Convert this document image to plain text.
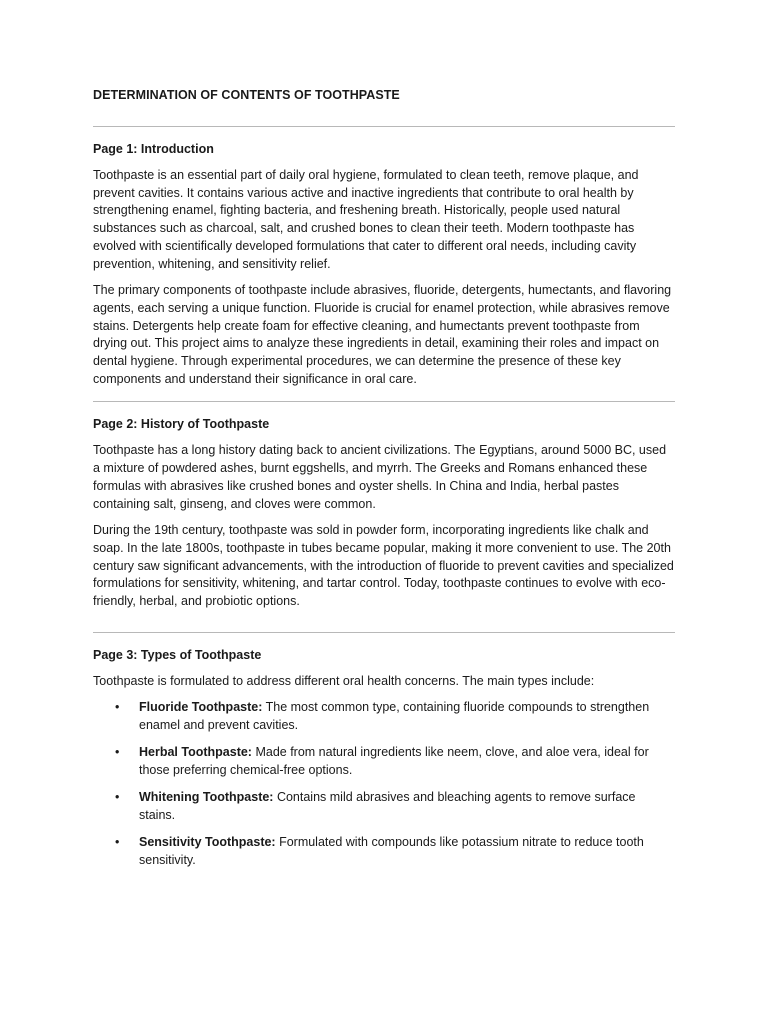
DETERMINATION OF CONTENTS OF TOOTHPASTE
Page 1: Introduction

Toothpaste is an essential part of daily oral hygiene, formulated to clean teeth, remove plaque, and prevent cavities. It contains various active and inactive ingredients that contribute to oral health by strengthening enamel, fighting bacteria, and freshening breath. Historically, people used natural substances such as charcoal, salt, and crushed bones to clean their teeth. Modern toothpaste has evolved with scientifically developed formulations that cater to different oral needs, including cavity prevention, whitening, and sensitivity relief.

The primary components of toothpaste include abrasives, fluoride, detergents, humectants, and flavoring agents, each serving a unique function. Fluoride is crucial for enamel protection, while abrasives remove stains. Detergents help create foam for effective cleaning, and humectants prevent toothpaste from drying out. This project aims to analyze these ingredients in detail, examining their roles and impact on dental hygiene. Through experimental procedures, we can determine the presence of these key components and understand their significance in oral care.

Page 2: History of Toothpaste

Toothpaste has a long history dating back to ancient civilizations. The Egyptians, around 5000 BC, used a mixture of powdered ashes, burnt eggshells, and myrrh. The Greeks and Romans enhanced these formulas with abrasives like crushed bones and oyster shells. In China and India, herbal pastes containing salt, ginseng, and cloves were common.

During the 19th century, toothpaste was sold in powder form, incorporating ingredients like chalk and soap. In the late 1800s, toothpaste in tubes became popular, making it more convenient to use. The 20th century saw significant advancements, with the introduction of fluoride to prevent cavities and specialized formulations for sensitivity, whitening, and tartar control. Today, toothpaste continues to evolve with eco-friendly, herbal, and probiotic options.

Page 3: Types of Toothpaste

Toothpaste is formulated to address different oral health concerns. The main types include:

• Fluoride Toothpaste: The most common type, containing fluoride compounds to strengthen enamel and prevent cavities.
• Herbal Toothpaste: Made from natural ingredients like neem, clove, and aloe vera, ideal for those preferring chemical-free options.
• Whitening Toothpaste: Contains mild abrasives and bleaching agents to remove surface stains.
• Sensitivity Toothpaste: Formulated with compounds like potassium nitrate to reduce tooth sensitivity.
